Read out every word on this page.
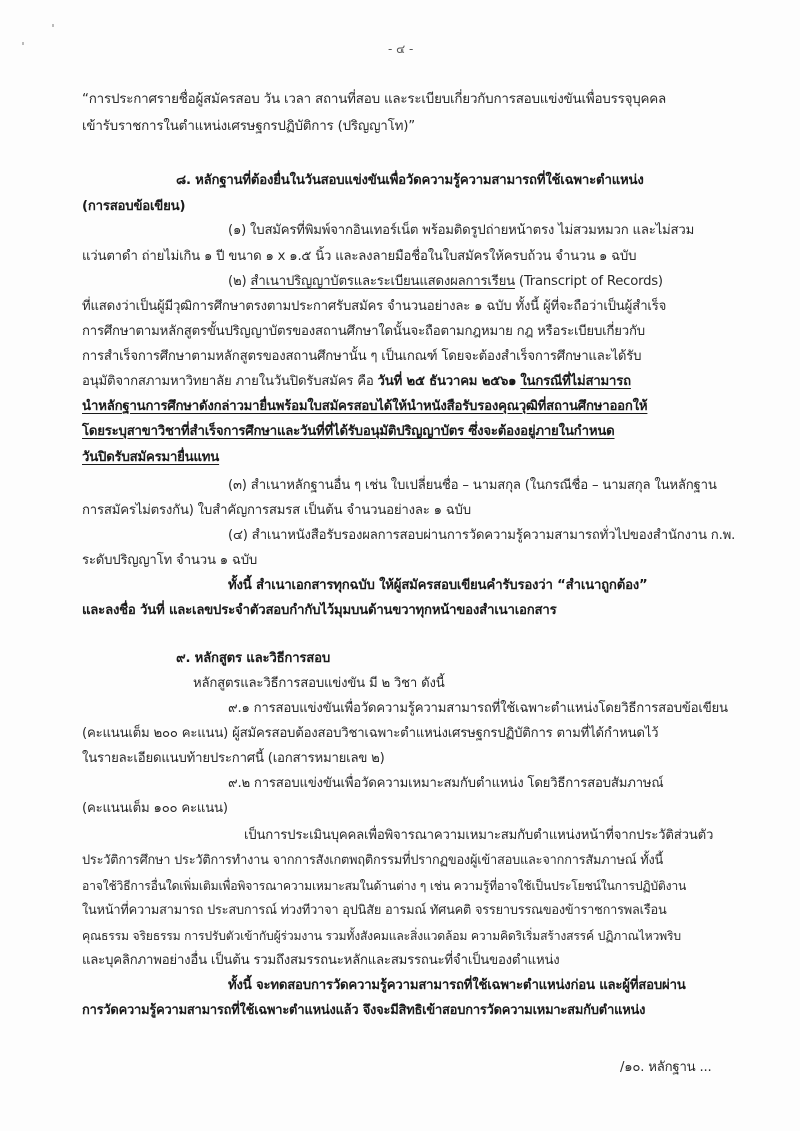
- ๔ -
“การประกาศรายชื่อผู้สมัครสอบ วัน เวลา สถานที่สอบ และระเบียบเกี่ยวกับการสอบแข่งขันเพื่อบรรจุบุคคล
เข้ารับราชการในตำแหน่งเศรษฐกรปฏิบัติการ (ปริญญาโท)”
๘. หลักฐานที่ต้องยื่นในวันสอบแข่งขันเพื่อวัดความรู้ความสามารถที่ใช้เฉพาะตำแหน่ง
(การสอบข้อเขียน)
(๑) ใบสมัครที่พิมพ์จากอินเทอร์เน็ต พร้อมติดรูปถ่ายหน้าตรง ไม่สวมหมวก และไม่สวม
แว่นตาดำ ถ่ายไม่เกิน ๑ ปี ขนาด ๑ x ๑.๕ นิ้ว และลงลายมือชื่อในใบสมัครให้ครบถ้วน จำนวน ๑ ฉบับ
(๒) สำเนาปริญญาบัตรและระเบียนแสดงผลการเรียน (Transcript of Records)
ที่แสดงว่าเป็นผู้มีวุฒิการศึกษาตรงตามประกาศรับสมัคร จำนวนอย่างละ ๑ ฉบับ ทั้งนี้ ผู้ที่จะถือว่าเป็นผู้สำเร็จ
การศึกษาตามหลักสูตรขั้นปริญญาบัตรของสถานศึกษาใดนั้นจะถือตามกฎหมาย กฎ หรือระเบียบเกี่ยวกับ
การสำเร็จการศึกษาตามหลักสูตรของสถานศึกษานั้น ๆ เป็นเกณฑ์ โดยจะต้องสำเร็จการศึกษาและได้รับ
อนุมัติจากสภามหาวิทยาลัย ภายในวันปิดรับสมัคร คือ วันที่ ๒๕ ธันวาคม ๒๕๖๑ ในกรณีที่ไม่สามารถ
นำหลักฐานการศึกษาดังกล่าวมายื่นพร้อมใบสมัครสอบได้ให้นำหนังสือรับรองคุณวุฒิที่สถานศึกษาออกให้
โดยระบุสาขาวิชาที่สำเร็จการศึกษาและวันที่ที่ได้รับอนุมัติปริญญาบัตร ซึ่งจะต้องอยู่ภายในกำหนด
วันปิดรับสมัครมายื่นแทน
(๓) สำเนาหลักฐานอื่น ๆ เช่น ใบเปลี่ยนชื่อ – นามสกุล (ในกรณีชื่อ – นามสกุล ในหลักฐาน
การสมัครไม่ตรงกัน) ใบสำคัญการสมรส เป็นต้น จำนวนอย่างละ ๑ ฉบับ
(๔) สำเนาหนังสือรับรองผลการสอบผ่านการวัดความรู้ความสามารถทั่วไปของสำนักงาน ก.พ.
ระดับปริญญาโท จำนวน ๑ ฉบับ
ทั้งนี้ สำเนาเอกสารทุกฉบับ ให้ผู้สมัครสอบเขียนคำรับรองว่า “สำเนาถูกต้อง”
และลงชื่อ วันที่ และเลขประจำตัวสอบกำกับไว้มุมบนด้านขวาทุกหน้าของสำเนาเอกสาร
๙. หลักสูตร และวิธีการสอบ
หลักสูตรและวิธีการสอบแข่งขัน มี ๒ วิชา ดังนี้
๙.๑ การสอบแข่งขันเพื่อวัดความรู้ความสามารถที่ใช้เฉพาะตำแหน่งโดยวิธีการสอบข้อเขียน
(คะแนนเต็ม ๒๐๐ คะแนน) ผู้สมัครสอบต้องสอบวิชาเฉพาะตำแหน่งเศรษฐกรปฏิบัติการ ตามที่ได้กำหนดไว้
ในรายละเอียดแนบท้ายประกาศนี้ (เอกสารหมายเลข ๒)
๙.๒ การสอบแข่งขันเพื่อวัดความเหมาะสมกับตำแหน่ง โดยวิธีการสอบสัมภาษณ์
(คะแนนเต็ม ๑๐๐ คะแนน)
เป็นการประเมินบุคคลเพื่อพิจารณาความเหมาะสมกับตำแหน่งหน้าที่จากประวัติส่วนตัว
ประวัติการศึกษา ประวัติการทำงาน จากการสังเกตพฤติกรรมที่ปรากฏของผู้เข้าสอบและจากการสัมภาษณ์ ทั้งนี้
อาจใช้วิธีการอื่นใดเพิ่มเติมเพื่อพิจารณาความเหมาะสมในด้านต่าง ๆ เช่น ความรู้ที่อาจใช้เป็นประโยชน์ในการปฏิบัติงาน
ในหน้าที่ความสามารถ ประสบการณ์ ท่วงทีวาจา อุปนิสัย อารมณ์ ทัศนคติ จรรยาบรรณของข้าราชการพลเรือน
คุณธรรม จริยธรรม การปรับตัวเข้ากับผู้ร่วมงาน รวมทั้งสังคมและสิ่งแวดล้อม ความคิดริเริ่มสร้างสรรค์ ปฏิภาณไหวพริบ
และบุคลิกภาพอย่างอื่น เป็นต้น รวมถึงสมรรถนะหลักและสมรรถนะที่จำเป็นของตำแหน่ง
ทั้งนี้ จะทดสอบการวัดความรู้ความสามารถที่ใช้เฉพาะตำแหน่งก่อน และผู้ที่สอบผ่าน
การวัดความรู้ความสามารถที่ใช้เฉพาะตำแหน่งแล้ว จึงจะมีสิทธิเข้าสอบการวัดความเหมาะสมกับตำแหน่ง
/๑๐. หลักฐาน ...
